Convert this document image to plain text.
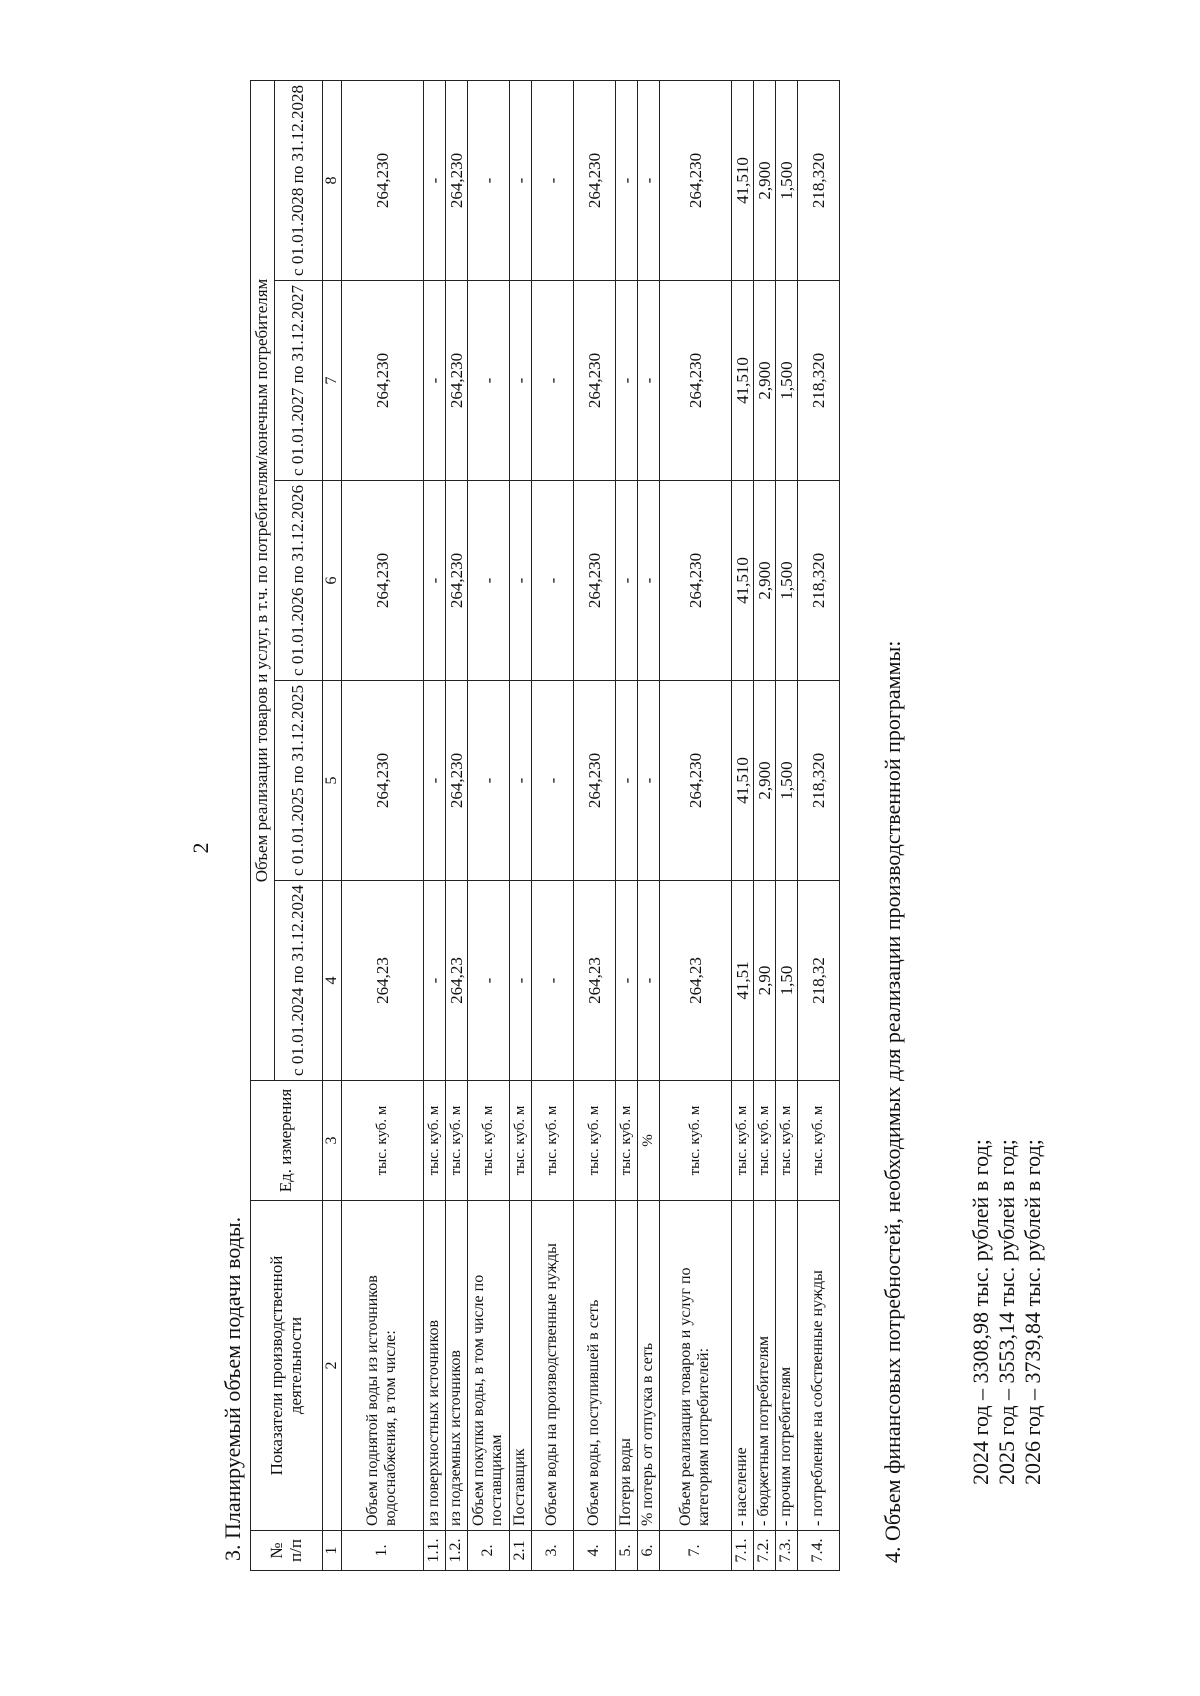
2
3. Планируемый объем подачи воды. № п/п	Показатели производственной деятельности	Ед. измерения	Объем реализации товаров и услуг, в т.ч. по потребителям/конечным потребителям				
			с 01.01.2024 по 31.12.2024	с 01.01.2025 по 31.12.2025	с 01.01.2026 по 31.12.2026	с 01.01.2027 по 31.12.2027	с 01.01.2028 по 31.12.2028
1	2	3	4	5	6	7	8
1.	Объем поднятой воды из источников водоснабжения, в том числе:	тыс. куб. м	264,23	264,230	264,230	264,230	264,230
1.1.	из поверхностных источников	тыс. куб. м	-	-	-	-	-
1.2.	из подземных источников	тыс. куб. м	264,23	264,230	264,230	264,230	264,230
2.	Объем покупки воды, в том числе по поставщикам	тыс. куб. м	-	-	-	-	-
2.1	Поставщик	тыс. куб. м	-	-	-	-	-
3.	Объем воды на производственные нужды	тыс. куб. м	-	-	-	-	-
4.	Объем воды, поступившей в сеть	тыс. куб. м	264,23	264,230	264,230	264,230	264,230
5.	Потери воды	тыс. куб. м	-	-	-	-	-
6.	% потерь от отпуска в сеть	%	-	-	-	-	-
7.	Объем реализации товаров и услуг по категориям потребителей:	тыс. куб. м	264,23	264,230	264,230	264,230	264,230
7.1.	- население	тыс. куб. м	41,51	41,510	41,510	41,510	41,510
7.2.	- бюджетным потребителям	тыс. куб. м	2,90	2,900	2,900	2,900	2,900
7.3.	- прочим потребителям	тыс. куб. м	1,50	1,500	1,500	1,500	1,500
7.4.	- потребление на собственные нужды	тыс. куб. м	218,32	218,320	218,320	218,320	218,320
4. Объем финансовых потребностей, необходимых для реализации производственной программы:	2024 год – 3308,98 тыс. рублей в год; 2025 год – 3553,14 тыс. рублей в год; 2026 год – 3739,84 тыс. рублей в год;
